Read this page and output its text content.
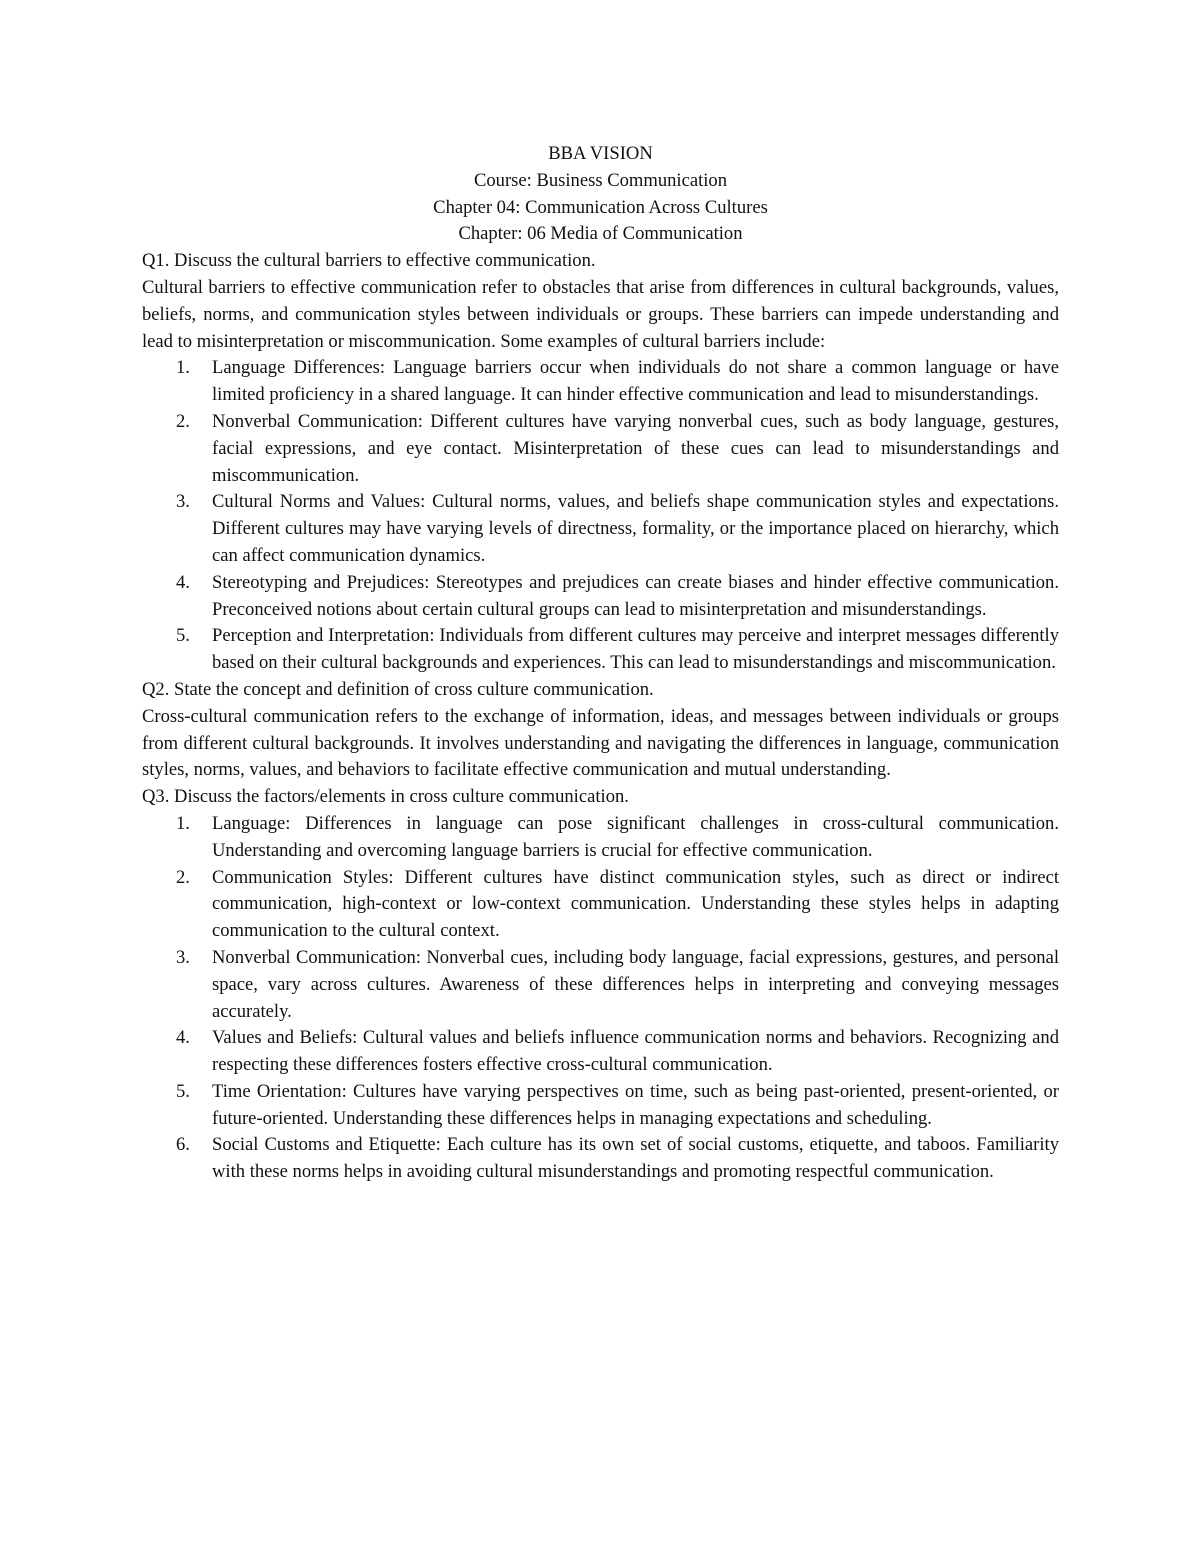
BBA VISION

Course: Business Communication

Chapter 04: Communication Across Cultures

Chapter: 06 Media of Communication

Q1. Discuss the cultural barriers to effective communication.

Cultural barriers to effective communication refer to obstacles that arise from differences in cultural backgrounds, values, beliefs, norms, and communication styles between individuals or groups. These barriers can impede understanding and lead to misinterpretation or miscommunication. Some examples of cultural barriers include:

1. Language Differences: Language barriers occur when individuals do not share a common language or have limited proficiency in a shared language. It can hinder effective communication and lead to misunderstandings.
2. Nonverbal Communication: Different cultures have varying nonverbal cues, such as body language, gestures, facial expressions, and eye contact. Misinterpretation of these cues can lead to misunderstandings and miscommunication.
3. Cultural Norms and Values: Cultural norms, values, and beliefs shape communication styles and expectations. Different cultures may have varying levels of directness, formality, or the importance placed on hierarchy, which can affect communication dynamics.
4. Stereotyping and Prejudices: Stereotypes and prejudices can create biases and hinder effective communication. Preconceived notions about certain cultural groups can lead to misinterpretation and misunderstandings.
5. Perception and Interpretation: Individuals from different cultures may perceive and interpret messages differently based on their cultural backgrounds and experiences. This can lead to misunderstandings and miscommunication.

Q2. State the concept and definition of cross culture communication.

Cross-cultural communication refers to the exchange of information, ideas, and messages between individuals or groups from different cultural backgrounds. It involves understanding and navigating the differences in language, communication styles, norms, values, and behaviors to facilitate effective communication and mutual understanding.

Q3. Discuss the factors/elements in cross culture communication.

1. Language: Differences in language can pose significant challenges in cross-cultural communication. Understanding and overcoming language barriers is crucial for effective communication.
2. Communication Styles: Different cultures have distinct communication styles, such as direct or indirect communication, high-context or low-context communication. Understanding these styles helps in adapting communication to the cultural context.
3. Nonverbal Communication: Nonverbal cues, including body language, facial expressions, gestures, and personal space, vary across cultures. Awareness of these differences helps in interpreting and conveying messages accurately.
4. Values and Beliefs: Cultural values and beliefs influence communication norms and behaviors. Recognizing and respecting these differences fosters effective cross-cultural communication.
5. Time Orientation: Cultures have varying perspectives on time, such as being past-oriented, present-oriented, or future-oriented. Understanding these differences helps in managing expectations and scheduling.
6. Social Customs and Etiquette: Each culture has its own set of social customs, etiquette, and taboos. Familiarity with these norms helps in avoiding cultural misunderstandings and promoting respectful communication.
